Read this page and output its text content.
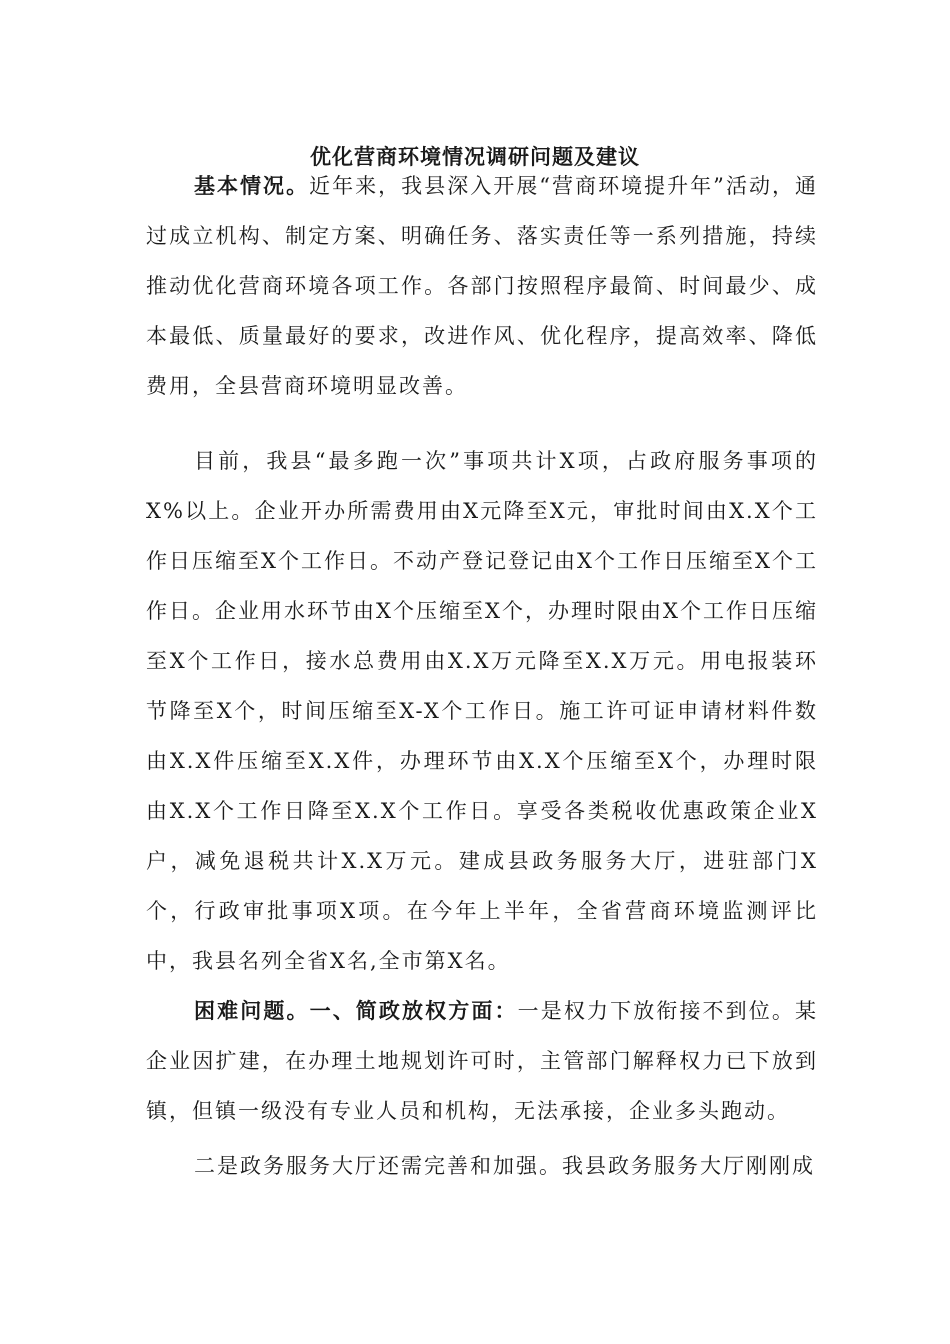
优化营商环境情况调研问题及建议

基本情况。近年来，我县深入开展“营商环境提升年”活动，通过成立机构、制定方案、明确任务、落实责任等一系列措施，持续推动优化营商环境各项工作。各部门按照程序最简、时间最少、成本最低、质量最好的要求，改进作风、优化程序，提高效率、降低费用，全县营商环境明显改善。

目前，我县“最多跑一次”事项共计X项，占政府服务事项的X%以上。企业开办所需费用由X元降至X元，审批时间由X.X个工作日压缩至X个工作日。不动产登记登记由X个工作日压缩至X个工作日。企业用水环节由X个压缩至X个，办理时限由X个工作日压缩至X个工作日，接水总费用由X.X万元降至X.X万元。用电报装环节降至X个，时间压缩至X-X个工作日。施工许可证申请材料件数由X.X件压缩至X.X件，办理环节由X.X个压缩至X个，办理时限由X.X个工作日降至X.X个工作日。享受各类税收优惠政策企业X户，减免退税共计X.X万元。建成县政务服务大厅，进驻部门X个，行政审批事项X项。在今年上半年，全省营商环境监测评比中，我县名列全省X名,全市第X名。

困难问题。一、简政放权方面：一是权力下放衔接不到位。某企业因扩建，在办理土地规划许可时，主管部门解释权力已下放到镇，但镇一级没有专业人员和机构，无法承接，企业多头跑动。

二是政务服务大厅还需完善和加强。我县政务服务大厅刚刚成
